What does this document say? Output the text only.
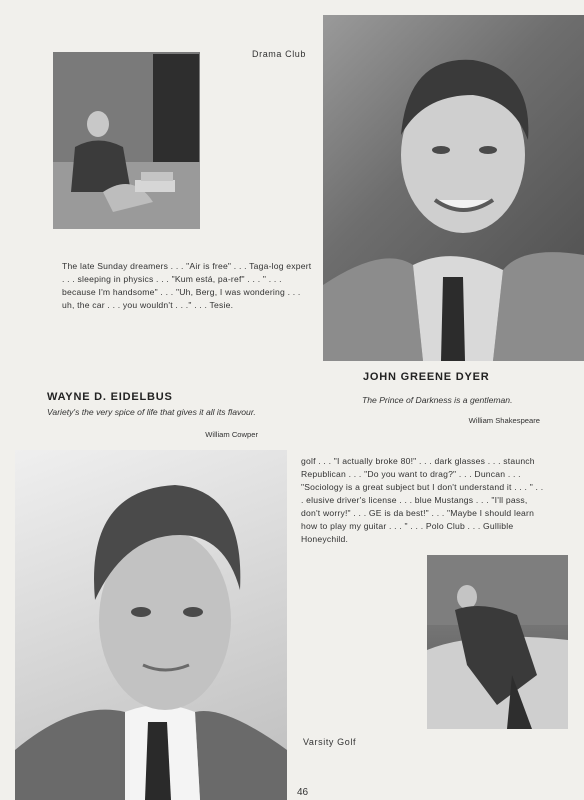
Drama Club
The late Sunday dreamers . . . "Air is free" . . . Taga-log expert . . . sleeping in physics . . . "Kum está, pa-ref" . . . " . . . because I'm handsome" . . . "Uh, Berg, I was wondering . . . uh, the car . . . you wouldn't . . ." . . . Tesie.
JOHN GREENE DYER
The Prince of Darkness is a gentleman.
William Shakespeare
WAYNE D. EIDELBUS
Variety's the very spice of life that gives it all its flavour.
William Cowper
golf . . . "I actually broke 80!" . . . dark glasses . . . staunch Republican . . . "Do you want to drag?" . . . Duncan . . . "Sociology is a great subject but I don't understand it . . . " . . . elusive driver's license . . . blue Mustangs . . . "I'll pass, don't worry!" . . . GE is da best!" . . . "Maybe I should learn how to play my guitar . . . " . . . Polo Club . . . Gullible Honeychild.
Varsity Golf
46
